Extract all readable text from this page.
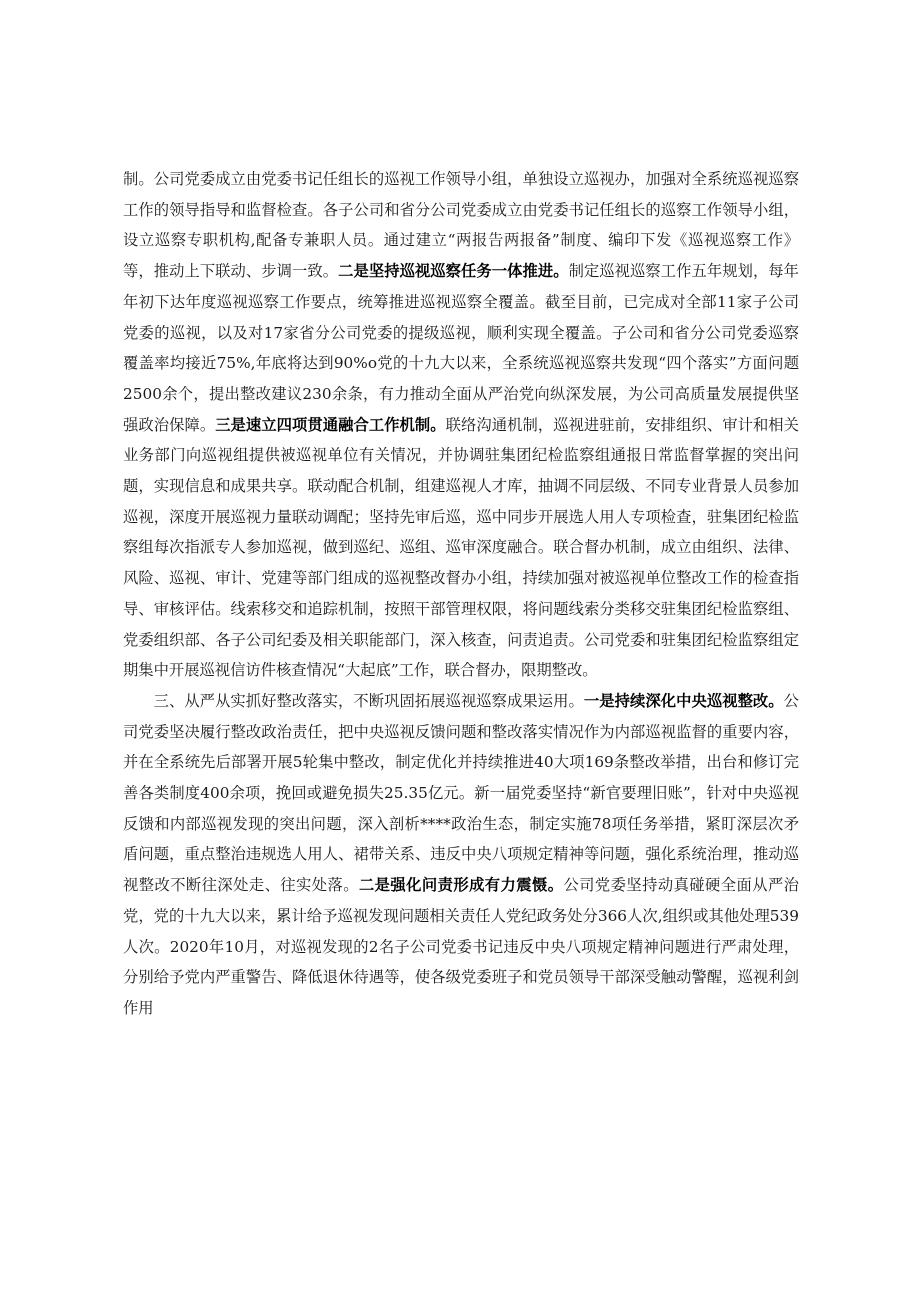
制。公司党委成立由党委书记任组长的巡视工作领导小组，单独设立巡视办，加强对全系统巡视巡察工作的领导指导和监督检查。各子公司和省分公司党委成立由党委书记任组长的巡察工作领导小组，设立巡察专职机构,配备专兼职人员。通过建立“两报告两报备”制度、编印下发《巡视巡察工作》等，推动上下联动、步调一致。二是坚持巡视巡察任务一体推进。制定巡视巡察工作五年规划，每年年初下达年度巡视巡察工作要点，统筹推进巡视巡察全覆盖。截至目前，已完成对全部11家子公司党委的巡视，以及对17家省分公司党委的提级巡视，顺利实现全覆盖。子公司和省分公司党委巡察覆盖率均接近75%,年底将达到90%o党的十九大以来，全系统巡视巡察共发现“四个落实”方面问题2500余个，提出整改建议230余条，有力推动全面从严治党向纵深发展，为公司高质量发展提供坚强政治保障。三是速立四项贯通融合工作机制。联络沟通机制，巡视进驻前，安排组织、审计和相关业务部门向巡视组提供被巡视单位有关情况，并协调驻集团纪检监察组通报日常监督掌握的突出问题，实现信息和成果共享。联动配合机制，组建巡视人才库，抽调不同层级、不同专业背景人员参加巡视，深度开展巡视力量联动调配；坚持先审后巡，巡中同步开展选人用人专项检查，驻集团纪检监察组每次指派专人参加巡视，做到巡纪、巡组、巡审深度融合。联合督办机制，成立由组织、法律、风险、巡视、审计、党建等部门组成的巡视整改督办小组，持续加强对被巡视单位整改工作的检查指导、审核评估。线索移交和追踪机制，按照干部管理权限，将问题线索分类移交驻集团纪检监察组、党委组织部、各子公司纪委及相关职能部门，深入核查，问责追责。公司党委和驻集团纪检监察组定期集中开展巡视信访件核查情况“大起底”工作，联合督办，限期整改。

三、从严从实抓好整改落实，不断巩固拓展巡视巡察成果运用。一是持续深化中央巡视整改。公司党委坚决履行整改政治责任，把中央巡视反馈问题和整改落实情况作为内部巡视监督的重要内容，并在全系统先后部署开展5轮集中整改，制定优化并持续推进40大项169条整改举措，出台和修订完善各类制度400余项，挽回或避免损失25.35亿元。新一届党委坚持“新官要理旧账”，针对中央巡视反馈和内部巡视发现的突出问题，深入剖析****政治生态，制定实施78项任务举措，紧盯深层次矛盾问题，重点整治违规选人用人、裙带关系、违反中央八项规定精神等问题，强化系统治理，推动巡视整改不断往深处走、往实处落。二是强化问责形成有力震慑。公司党委坚持动真碰硬全面从严治党，党的十九大以来，累计给予巡视发现问题相关责任人党纪政务处分366人次,组织或其他处理539人次。2020年10月，对巡视发现的2名子公司党委书记违反中央八项规定精神问题进行严肃处理，分别给予党内严重警告、降低退休待遇等，使各级党委班子和党员领导干部深受触动警醒，巡视利剑作用
